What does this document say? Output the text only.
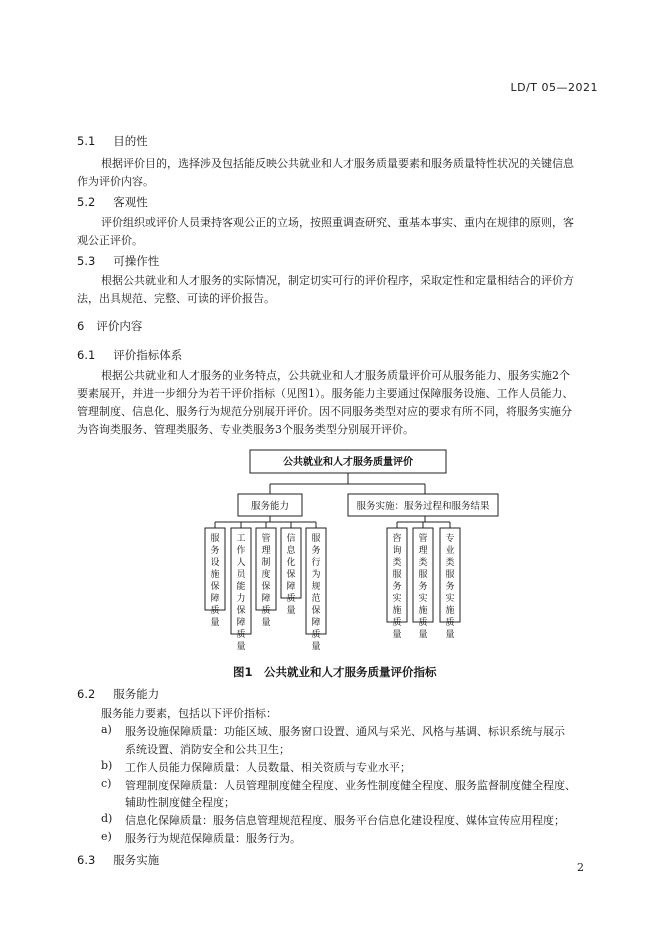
LD/T 05—2021
5.1 目的性
根据评价目的，选择涉及包括能反映公共就业和人才服务质量要素和服务质量特性状况的关键信息
作为评价内容。
5.2 客观性
评价组织或评价人员秉持客观公正的立场，按照重调查研究、重基本事实、重内在规律的原则，客
观公正评价。
5.3 可操作性
根据公共就业和人才服务的实际情况，制定切实可行的评价程序，采取定性和定量相结合的评价方
法，出具规范、完整、可读的评价报告。
6 评价内容
6.1 评价指标体系
根据公共就业和人才服务的业务特点，公共就业和人才服务质量评价可从服务能力、服务实施2个
要素展开，并进一步细分为若干评价指标（见图1）。服务能力主要通过保障服务设施、工作人员能力、
管理制度、信息化、服务行为规范分别展开评价。因不同服务类型对应的要求有所不同，将服务实施分
为咨询类服务、管理类服务、专业类服务3个服务类型分别展开评价。
公共就业和人才服务质量评价
服务能力	服务实施：服务过程和服务结果
服务设施保障质量
工作人员能力保障质量
管理制度保障质量
信息化保障质量
服务行为规范保障质量
咨询类服务实施质量
管理类服务实施质量
专业类服务实施质量
图1　公共就业和人才服务质量评价指标
6.2 服务能力
服务能力要素，包括以下评价指标：
a) 服务设施保障质量：功能区域、服务窗口设置、通风与采光、风格与基调、标识系统与展示
系统设置、消防安全和公共卫生；
b) 工作人员能力保障质量：人员数量、相关资质与专业水平；
c) 管理制度保障质量：人员管理制度健全程度、业务性制度健全程度、服务监督制度健全程度、
辅助性制度健全程度；
d) 信息化保障质量：服务信息管理规范程度、服务平台信息化建设程度、媒体宣传应用程度；
e) 服务行为规范保障质量：服务行为。
6.3 服务实施
2
